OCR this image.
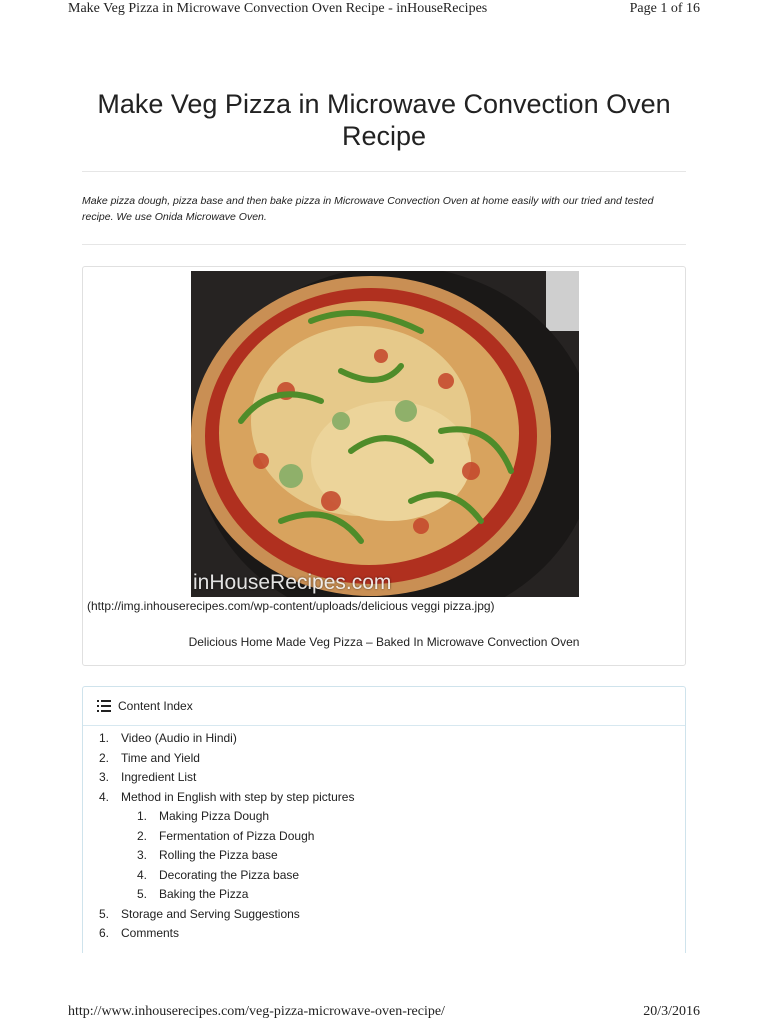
Make Veg Pizza in Microwave Convection Oven Recipe - inHouseRecipes	Page 1 of 16
Make Veg Pizza in Microwave Convection Oven Recipe

Make pizza dough, pizza base and then bake pizza in Microwave Convection Oven at home easily with our tried and tested recipe. We use Onida Microwave Oven.

inHouseRecipes.com
(http://img.inhouserecipes.com/wp-content/uploads/delicious veggi pizza.jpg)
Delicious Home Made Veg Pizza – Baked In Microwave Convection Oven
Content Index
1. Video (Audio in Hindi)
2. Time and Yield
3. Ingredient List
4. Method in English with step by step pictures
1. Making Pizza Dough
2. Fermentation of Pizza Dough
3. Rolling the Pizza base
4. Decorating the Pizza base
5. Baking the Pizza
5. Storage and Serving Suggestions
6. Comments
http://www.inhouserecipes.com/veg-pizza-microwave-oven-recipe/	20/3/2016
